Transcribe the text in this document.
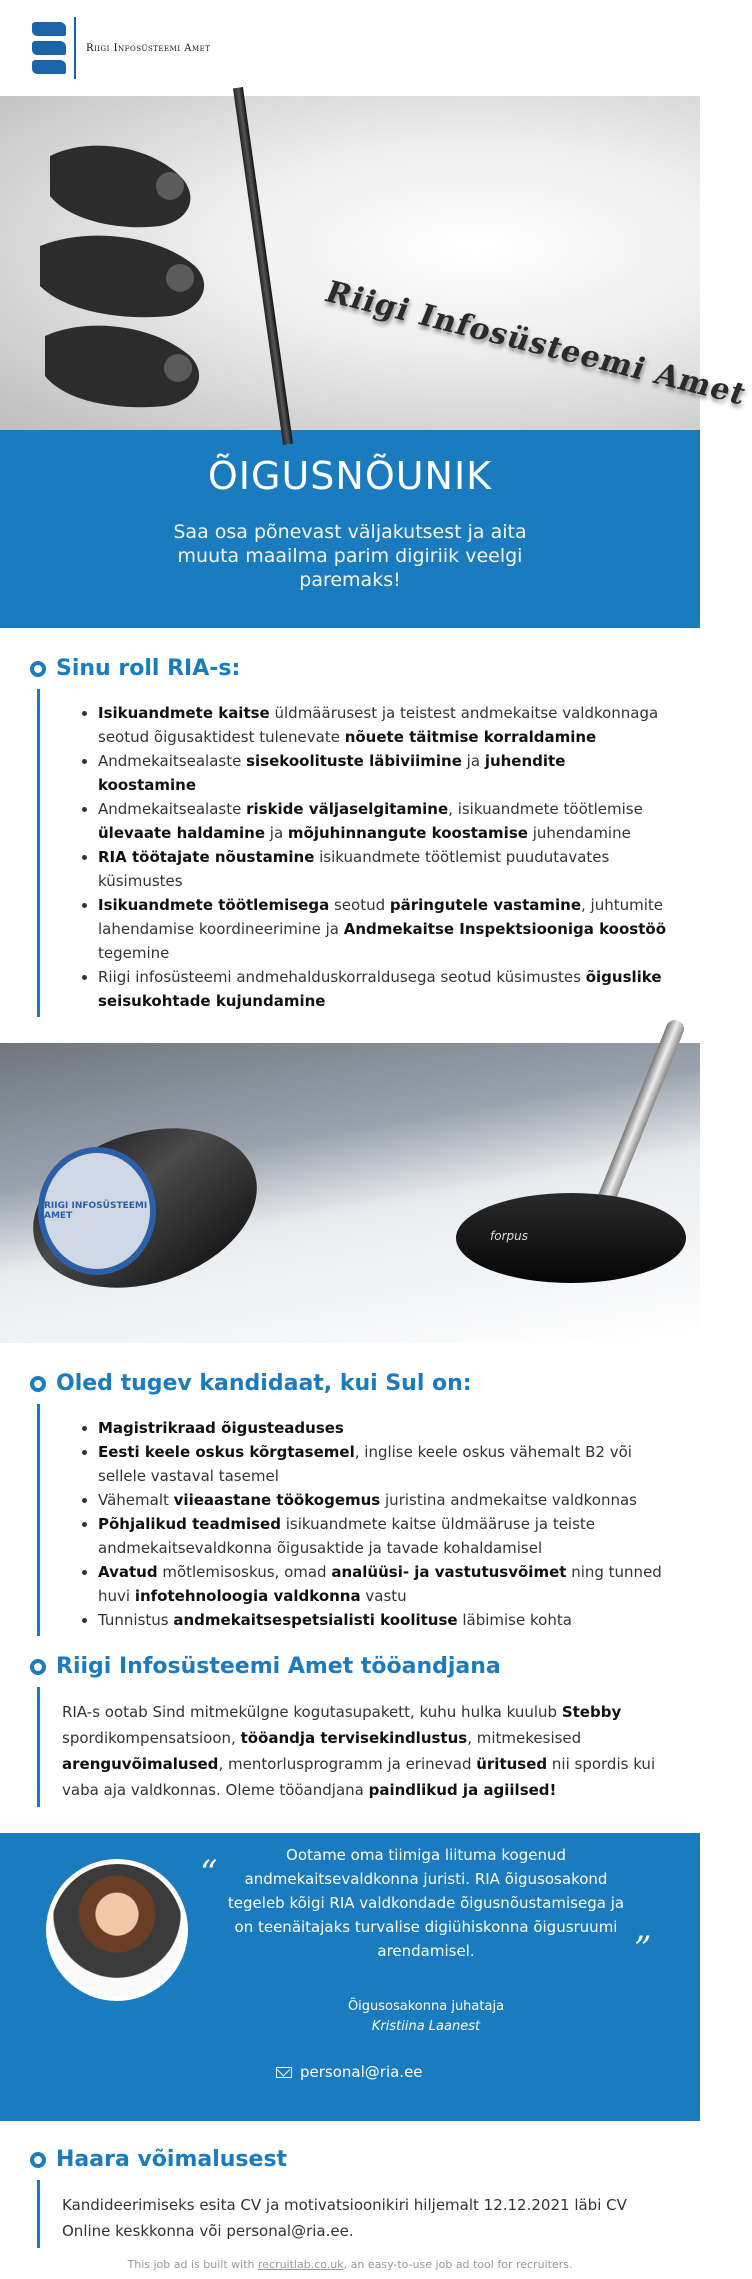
Riigi Infosüsteemi Amet
Riigi Infosüsteemi Amet
ÕIGUSNÕUNIK

Saa osa põnevast väljakutsest ja aita muuta maailma parim digiriik veelgi paremaks!

Sinu roll RIA-s:
• Isikuandmete kaitse üldmäärusest ja teistest andmekaitse valdkonnaga seotud õigusaktidest tulenevate nõuete täitmise korraldamine
• Andmekaitsealaste sisekoolituste läbiviimine ja juhendite koostamine
• Andmekaitsealaste riskide väljaselgitamine, isikuandmete töötlemise ülevaate haldamine ja mõjuhinnangute koostamise juhendamine
• RIA töötajate nõustamine isikuandmete töötlemist puudutavates küsimustes
• Isikuandmete töötlemisega seotud päringutele vastamine, juhtumite lahendamise koordineerimine ja Andmekaitse Inspektsiooniga koostöö tegemine
• Riigi infosüsteemi andmehalduskorraldusega seotud küsimustes õiguslike seisukohtade kujundamine
RIIGI INFOSÜSTEEMI AMET
forpus
Oled tugev kandidaat, kui Sul on:
• Magistrikraad õigusteaduses
• Eesti keele oskus kõrgtasemel, inglise keele oskus vähemalt B2 või sellele vastaval tasemel
• Vähemalt viieaastane töökogemus juristina andmekaitse valdkonnas
• Põhjalikud teadmised isikuandmete kaitse üldmääruse ja teiste andmekaitsevaldkonna õigusaktide ja tavade kohaldamisel
• Avatud mõtlemisoskus, omad analüüsi- ja vastutusvõimet ning tunned huvi infotehnoloogia valdkonna vastu
• Tunnistus andmekaitsespetsialisti koolituse läbimise kohta
Riigi Infosüsteemi Amet tööandjana

RIA-s ootab Sind mitmekülgne kogutasupakett, kuhu hulka kuulub Stebby spordikompensatsioon, tööandja tervisekindlustus, mitmekesised arenguvõimalused, mentorlusprogramm ja erinevad üritused nii spordis kui vaba aja valdkonnas. Oleme tööandjana paindlikud ja agiilsed!

“
”
Ootame oma tiimiga liituma kogenud andmekaitsevaldkonna juristi. RIA õigusosakond tegeleb kõigi RIA valdkondade õigusnõustamisega ja on teenäitajaks turvalise digiühiskonna õigusruumi arendamisel.
Õigusosakonna juhataja
Kristiina Laanest
personal@ria.ee
Haara võimalusest

Kandideerimiseks esita CV ja motivatsioonikiri hiljemalt 12.12.2021 läbi CV Online keskkonna või personal@ria.ee.

This job ad is built with recruitlab.co.uk, an easy-to-use job ad tool for recruiters.
